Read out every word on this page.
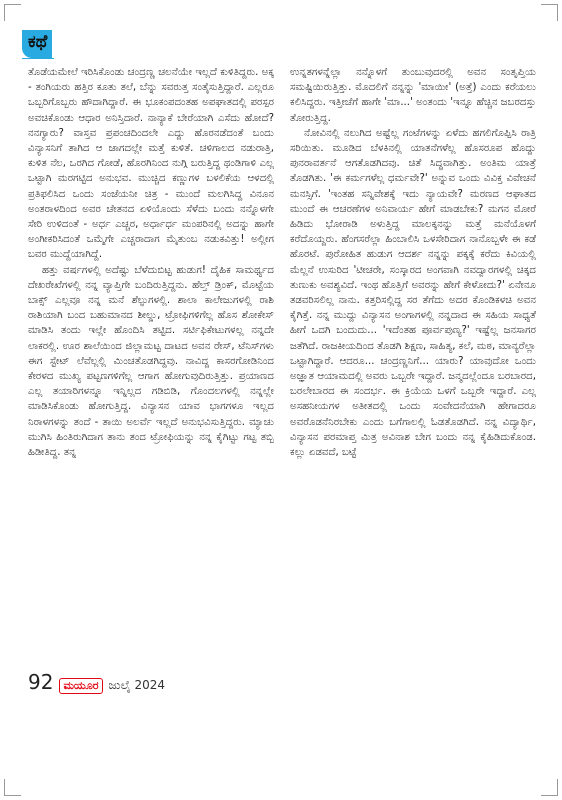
ಕಥೆ

ತೊಡೆಯಮೇಲೆ ಇರಿಸಿಕೊಂಡು ಚಂದ್ರಣ್ಣ ಚಲನೆಯೇ ಇಲ್ಲದೆ ಕುಳಿತಿದ್ದರು. ಅಕ್ಕ - ತಂಗಿಯರು ಹತ್ತಿರ ಕೂತು ತಲೆ, ಬೆನ್ನು ಸವರುತ್ತ ಸಂತೈಸುತ್ತಿದ್ದಾರೆ. ಎಲ್ಲರೂ ಒಬ್ಬರಿಗೊಬ್ಬರು ಹೌದಾಗಿದ್ದಾರೆ. ಈ ಭೂಕಂಪದಂತಹ ಅಪಘಾತದಲ್ಲಿ ಪರಸ್ಪರ ಅವಚಿಕೊಂಡು ಆಧಾರ ಅನಿಸ್ತಿದಾರೆ. ನಾನ್ಯಾಕೆ ಬೇರೆಯಾಗಿ ಎಸೆದು ಹೋದೆ? ನನಗ್ಯಾರು? ವಾಸ್ತವ ಪ್ರಪಂಚದಿಂದಲೇ ಎದ್ದು ಹೊರನಡೆದಂತೆ ಬಂದು ವಿನ್ಯಾಸನಿಗೆ ತಾಗಿದ ಆ ಜಾಗದಲ್ಲೇ ಮತ್ತೆ ಕುಳಿತೆ. ಚಳಿಗಾಲದ ನಡುರಾತ್ರಿ, ಕುಳಿತ ನೆಲ, ಒರಗಿದ ಗೋಡೆ, ಹೊರಗಿನಿಂದ ನುಗ್ಗಿ ಬರುತ್ತಿದ್ದ ಥಂಡಿಗಾಳಿ ಎಲ್ಲ ಒಟ್ಟಾಗಿ ಮರಗಟ್ಟಿದ ಅನುಭವ. ಮುಚ್ಚಿದ ಕಣ್ಣುಗಳ ಬಳಲಿಕೆಯ ಆಳದಲ್ಲಿ ಪ್ರತಿಫಲಿಸಿದ ಒಂದು ಸಂಜೆಯನೀ ಚಿತ್ರ - ಮುಂದೆ ಮಲಗಿಸಿದ್ದ ವಿನೂನ ಅಂತರಾಳದಿಂದ ಅವರ ಚೇತನದ ಏಳಿಯೊಂದು ಸೆಳೆದು ಬಂದು ನನ್ನೊಳಗೇ ಸೇರಿ ಉಳಿದಂತೆ - ಅರ್ಧ ಎಚ್ಚರ, ಅರ್ಧಾರ್ಧ ಮಂಪರಿನಲ್ಲಿ ಅದನ್ನು ಹಾಗೇ ಅಂಗೀಕರಿಸಿದಂತೆ ಒಮ್ಮೆಗೇ ಎಚ್ಚರಾದಾಗ ಮೈತುಂಬ ನಡುಕವಿತ್ತು! ಅಲ್ಲೀಗ ಬವರ ಮುದ್ದೆಯಾಗಿದ್ದೆ.

ಹತ್ತು ವರ್ಷಗಳಲ್ಲಿ ಅದೆಷ್ಟು ಬೆಳೆದುಬಿಟ್ಟ ಹುಡುಗ! ದೈಹಿಕ ಸಾಮರ್ಥ್ಯದ ದೇಖರೇಖೆಗಳಲ್ಲಿ ನನ್ನ ವ್ಯಾಪ್ತಿಗೇ ಬಂದಿರುತ್ತಿದ್ದನು. ಹೆಲ್ತ್ ಡ್ರಿಂಕ್, ಮೊಟ್ಟೆಯ ಬಾಕ್ಸ್ ಎಲ್ಲವೂ ನನ್ನ ಮನೆ ಶೆಲ್ಫುಗಳಲ್ಲಿ. ಶಾಲಾ ಕಾಲೇಜುಗಳಲ್ಲಿ ರಾಶಿ ರಾಶಿಯಾಗಿ ಬಂದ ಬಹುಮಾನದ ಶೀಲ್ಡು, ಟ್ರೋಫಿಗಳಿಗೆಲ್ಲ ಹೊಸ ಶೋಕೇಸ್ ಮಾಡಿಸಿ ತಂದು ಇಲ್ಲೇ ಹೊಂದಿಸಿ ತಟ್ಟಿದ. ಸರ್ಟಿಫಿಕೇಟುಗಳಲ್ಲ ನನ್ನದೇ ಲಾಕರಲ್ಲಿ. ಊರ ಶಾಲೆಯಿಂದ ಜಿಲ್ಲಾಮಟ್ಟ ದಾಟದ ಅವನ ರೇಸ್, ಟೆನಿಸ್‌ಗಳು ಈಗ ಸ್ಟೇಟ್ ಲೆವೆಲ್ಲಲ್ಲಿ ಮಿಂಚತೊಡಗಿದ್ದವು. ನಾವಿದ್ದ ಕಾಸರಗೋಡಿನಿಂದ ಕೇರಳದ ಮುಖ್ಯ ಪಟ್ಟಣಗಳಿಗೆಲ್ಲ ಆಗಾಗ ಹೋಗುವುದಿರುತ್ತಿತ್ತು. ಪ್ರಯಾಣದ ಎಲ್ಲ ತಯಾರಿಗಳನ್ನೂ ಇನ್ನಿಲ್ಲದ ಗಡಿಬಿಡಿ, ಗೊಂದಲಗಳಲ್ಲಿ ನನ್ನಲ್ಲೇ ಮಾಡಿಸಿಕೊಂಡು ಹೋಗುತ್ತಿದ್ದ. ವಿನ್ಯಾಸನ ಯಾವ ಭಾಗಗಳೂ ಇಲ್ಲದ ನಿರಾಳಗಳನ್ನು ತಂದೆ - ತಾಯಿ ಅಲರ್ವೆ ಇಲ್ಲದೆ ಅನುಭವಿಸುತ್ತಿದ್ದರು. ಮ್ಯಾಚು ಮುಗಿಸಿ ಹಿಂತಿರುಗಿದಾಗ ತಾನು ತಂದ ಟ್ರೋಫಿಯನ್ನು ನನ್ನ ಕೈಗಿಟ್ಟು ಗಟ್ಟ ತಬ್ಬಿ ಹಿಡೀತಿದ್ದ. ತನ್ನ

ಉನ್ನತಗಳನ್ನೆಲ್ಲಾ ನನ್ನೊಳಗೆ ತುಂಬುವುದರಲ್ಲಿ ಅವನ ಸಂತೃಪ್ತಿಯ ಸಮಷ್ಟಿಯಿರುತ್ತಿತ್ತು. ಮೊದಲಿಗೆ ನನ್ನನ್ನು 'ಮಾಯೀ' (ಅತ್ತೆ) ಎಂದು ಕರೆಯಲು ಕಲಿಸಿದ್ದರು. ಇತ್ತೀಚೆಗೆ ಹಾಗೇ 'ಮಾ...' ಅಂತಂದು 'ಇನ್ನೂ ಹೆಚ್ಚಿನ ಜಬರದಸ್ತು ತೋರುತ್ತಿದ್ದ.

ನೋವಿನಲ್ಲಿ ನಲುಗಿದ ಅಷ್ಟೆಲ್ಲ ಗಂಟೆಗಳನ್ನು ಏಳೆದು ಹಗಲಿಗೊಪ್ಪಿಸಿ ರಾತ್ರಿ ಸರಿಯಿತು. ಮೂಡಿದ ಬೆಳಕಿನಲ್ಲಿ ಯಾತನೆಗಳೆಲ್ಲ ಹೊಸರೂಪ ಹೊದ್ದು ಪುನರಾವರ್ತನೆ ಆಗತೊಡಗಿದವು. ಚಿತೆ ಸಿದ್ಧವಾಗಿತ್ತು. ಅಂತಿಮ ಯಾತ್ರೆ ತೊಡಗಿತು. 'ಈ ಕರ್ಮಗಳೆಲ್ಲ ಧರ್ಮವೇ?' ಅನ್ನುವ ಒಂದು ವಿವಿಕ್ತ ವಿವೇಚನೆ ಮನಸ್ಸಿಗೆ. 'ಇಂತಹ ಸನ್ನಿವೇಶಕ್ಕೆ ಇದು ನ್ಯಾಯವೇ? ಮರಣದ ಆಘಾತದ ಮುಂದೆ ಈ ಆಚರಣೆಗಳ ಅನಿವಾರ್ಯ ಹೇಗೆ ಮಾಡಬೇಕು? ಮಗನ ಮೋರೆ ಹಿಡಿದು ಭೋರಾಡಿ ಅಳುತ್ತಿದ್ದ ಮಾಲಕ್ಕನನ್ನು ಮತ್ತೆ ಮನೆಯೊಳಗೆ ಕರೆದೊಯ್ದರು. ಹೆಂಗಸರೆಲ್ಲಾ ಹಿಂಬಾಲಿಸಿ ಒಳಸೇರಿದಾಗ ನಾನೊಬ್ಬಳೇ ಈ ಕಡೆ ಹೊರಟೆ. ಪುರೋಹಿತ ಹುಡುಗ ಆದರ್ಶ ನನ್ನನ್ನು ಪಕ್ಕಕ್ಕೆ ಕರೆದು ಕಿವಿಯಲ್ಲಿ ಮೆಲ್ಲನೆ ಉಸುರಿದ 'ಟೀಚರೇ, ಸಂಸ್ಕಾರದ ಅಂಗವಾಗಿ ನವದ್ವಾರಗಳಲ್ಲಿ ಚಿಕ್ಕದ ತುಣುಕು ಅವಶ್ಯವಿದೆ. ಇಂಥ ಹೊತ್ತಿಗೆ ಅವರನ್ನು ಹೇಗೆ ಕೇಳೋದು?' ಏನೇನೂ ತಡವರಿಸಲಿಲ್ಲ ನಾನು. ಕತ್ತರಿಸಲ್ಲಿದ್ದ ಸರ ತೆಗೆದು ಅದರ ಕೊಂಡಿಕಳಚಿ ಅವನ ಕೈಗಿತ್ತೆ. ನನ್ನ ಮುದ್ದು ವಿನ್ಯಾಸನ ಅಂಗಾಗಳಲ್ಲಿ ನನ್ನದಾದ ಈ ಸಹಿಯ ಸಾಧ್ಯತೆ ಹೀಗೆ ಒದಗಿ ಬಂದುದು... 'ಇದೆಂತಹ ಪೂರ್ವಪುಣ್ಯ?' ಇಷ್ಟೆಲ್ಲ ಜನಸಾಗರ ಜತೆಗಿದೆ. ರಾಜಕೀಯದಿಂದ ತೊಡಗಿ ಶಿಕ್ಷಣ, ಸಾಹಿತ್ಯ, ಕಲೆ, ಮಠ, ಮಾನ್ಯರೆಲ್ಲಾ ಒಟ್ಟಾಗಿದ್ದಾರೆ. ಆದರೂ... ಚಂದ್ರಣ್ಣನಿಗೆ... ಯಾರು? ಯಾವುದೋ ಒಂದು ಅಜ್ಞಾತ ಆಯಾಮದಲ್ಲಿ ಅವರು ಒಬ್ಬರೇ ಇದ್ದಾರೆ. ಜನ್ಮದಲ್ಲೆಂದೂ ಬರಬಾರದ, ಬರಲೇಬಾರದ ಈ ಸಂದರ್ಭ. ಈ ಕ್ರಿಯೆಯ ಒಳಗೆ ಒಬ್ಬರೇ ಇದ್ದಾರೆ. ಎಲ್ಲ ಅಸಹನೀಯಗಳ ಅತೀತದಲ್ಲಿ ಒಂದು ಸಂವೇದನೆಯಾಗಿ ಹೇಗಾದರೂ ಅವರೊಡನೆನಿರಬೇಕು ಎಂದು ಬಗೆಗಾಲಲ್ಲಿ ಓಡತೊಡಗಿದೆ. ನನ್ನ ವಿದ್ಯಾರ್ಥಿ, ವಿನ್ಯಾಸನ ಪರಮಾಪ್ತ ಮಿತ್ರ ಅವಿನಾಶ ಬೇಗ ಬಂದು ನನ್ನ ಕೈಹಿಡಿದುಕೊಂಡ. ಕಲ್ಲು ಏಡವದೆ, ಬಟ್ಟೆ

92 ಮಯೂರ ಜುಲೈ 2024
